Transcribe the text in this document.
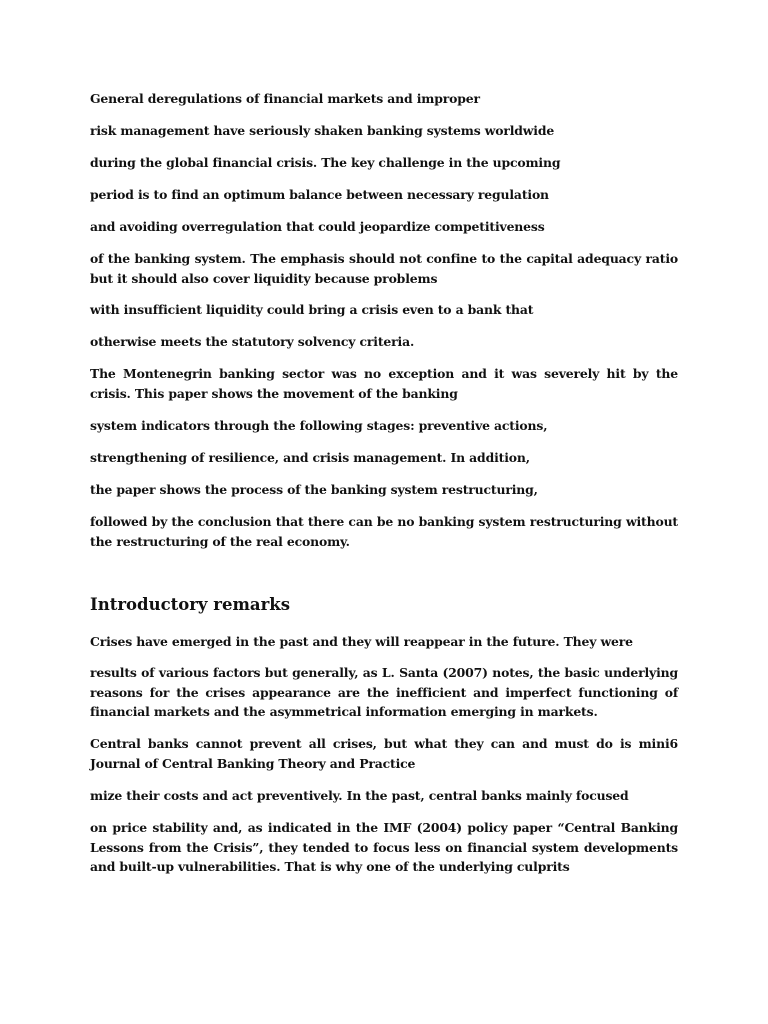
General deregulations of financial markets and improper

risk management have seriously shaken banking systems worldwide

during the global financial crisis. The key challenge in the upcoming

period is to find an optimum balance between necessary regulation

and avoiding overregulation that could jeopardize competitiveness

of the banking system. The emphasis should not confine to the capital adequacy ratio but it should also cover liquidity because problems

with insufficient liquidity could bring a crisis even to a bank that

otherwise meets the statutory solvency criteria.

The Montenegrin banking sector was no exception and it was severely hit by the crisis. This paper shows the movement of the banking

system indicators through the following stages: preventive actions,

strengthening of resilience, and crisis management. In addition,

the paper shows the process of the banking system restructuring,

followed by the conclusion that there can be no banking system restructuring without the restructuring of the real economy.

Introductory remarks

Crises have emerged in the past and they will reappear in the future. They were

results of various factors but generally, as L. Santa (2007) notes, the basic underlying reasons for the crises appearance are the inefficient and imperfect functioning of financial markets and the asymmetrical information emerging in markets.

Central banks cannot prevent all crises, but what they can and must do is mini6 Journal of Central Banking Theory and Practice

mize their costs and act preventively. In the past, central banks mainly focused

on price stability and, as indicated in the IMF (2004) policy paper “Central Banking Lessons from the Crisis”, they tended to focus less on financial system developments and built-up vulnerabilities. That is why one of the underlying culprits
